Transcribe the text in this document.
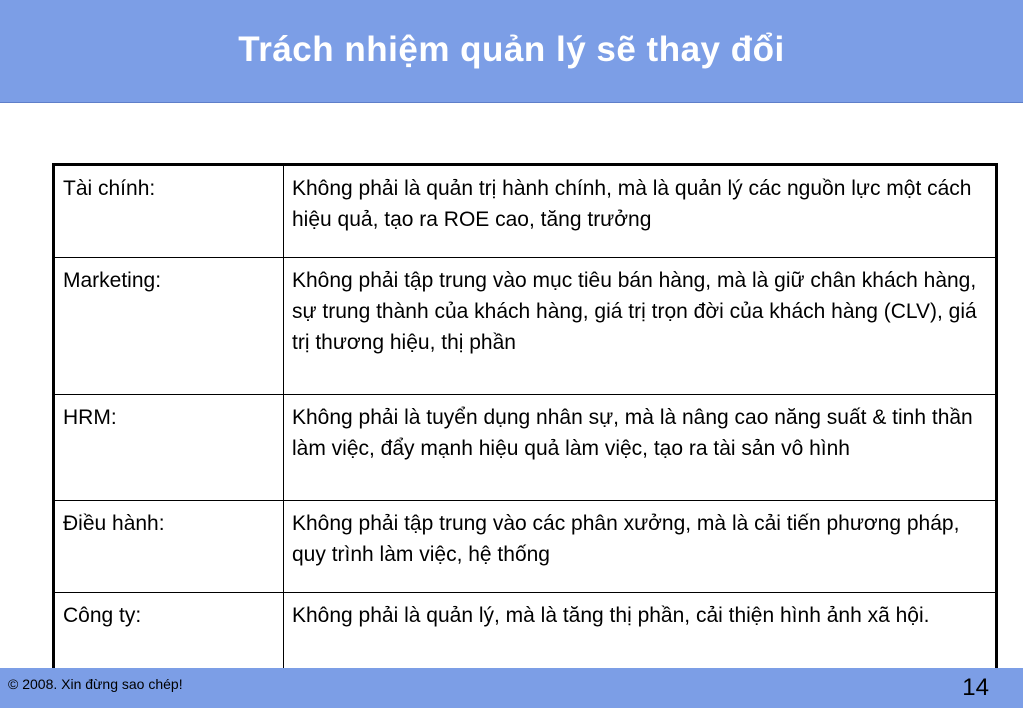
Trách nhiệm quản lý sẽ thay đổi
Tài chính:	Không phải là quản trị hành chính, mà là quản lý các nguồn lực một cách hiệu quả, tạo ra ROE cao, tăng trưởng
Marketing:	Không phải tập trung vào mục tiêu bán hàng, mà là giữ chân khách hàng, sự trung thành của khách hàng, giá trị trọn đời của khách hàng (CLV), giá trị thương hiệu, thị phần
HRM:	Không phải là tuyển dụng nhân sự, mà là nâng cao năng suất & tinh thần làm việc, đẩy mạnh hiệu quả làm việc, tạo ra tài sản vô hình
Điều hành:	Không phải tập trung vào các phân xưởng, mà là cải tiến phương pháp, quy trình làm việc, hệ thống
Công ty:	Không phải là quản lý, mà là tăng thị phần, cải thiện hình ảnh xã hội.
© 2008. Xin đừng sao chép!	14
